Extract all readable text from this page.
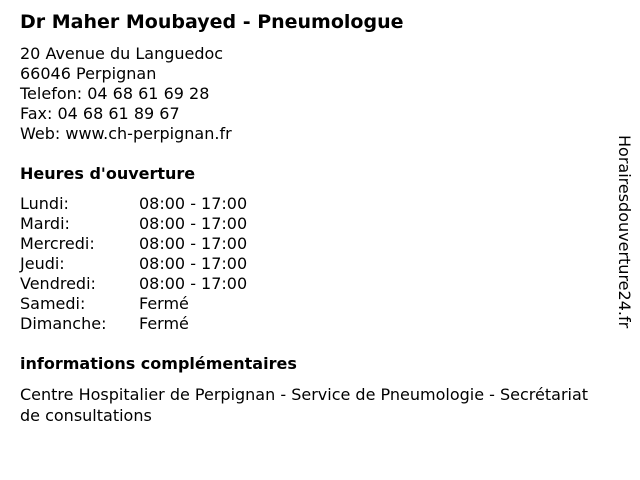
Dr Maher Moubayed - Pneumologue
20 Avenue du Languedoc
66046 Perpignan
Telefon: 04 68 61 69 28
Fax: 04 68 61 89 67
Web: www.ch-perpignan.fr
Heures d'ouverture
Lundi:	08:00 - 17:00
Mardi:	08:00 - 17:00
Mercredi:	08:00 - 17:00
Jeudi:	08:00 - 17:00
Vendredi:	08:00 - 17:00
Samedi:	Fermé
Dimanche:	Fermé
informations complémentaires
Centre Hospitalier de Perpignan - Service de Pneumologie - Secrétariat de consultations
Horairesdouverture24.fr
